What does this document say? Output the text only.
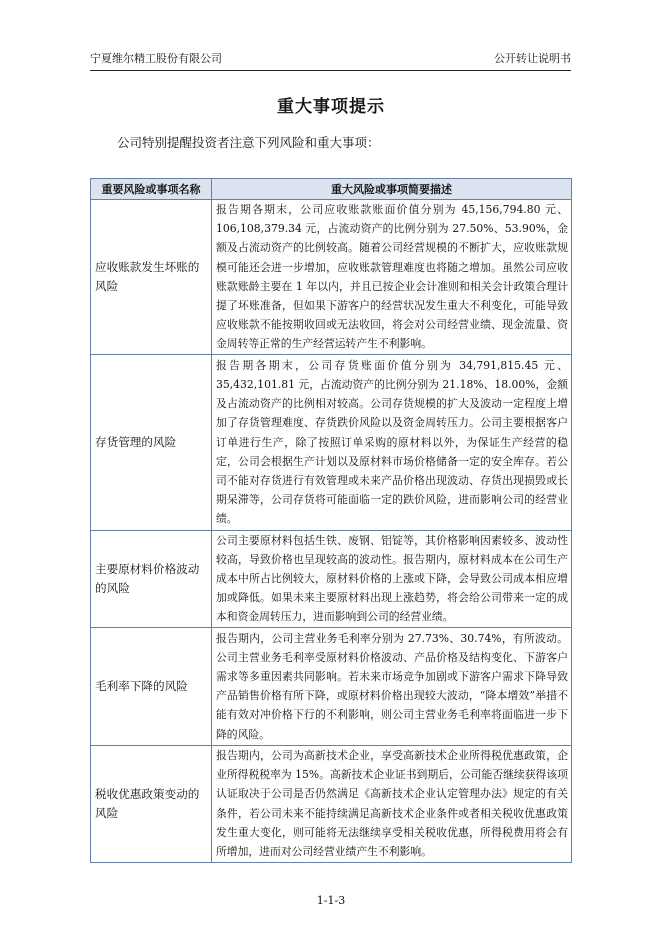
宁夏维尔精工股份有限公司	公开转让说明书
重大事项提示
公司特别提醒投资者注意下列风险和重大事项：
重要风险或事项名称	重大风险或事项简要描述
应收账款发生坏账的风险	报告期各期末，公司应收账款账面价值分别为 45,156,794.80 元、106,108,379.34 元，占流动资产的比例分别为 27.50%、53.90%，金额及占流动资产的比例较高。随着公司经营规模的不断扩大，应收账款规模可能还会进一步增加，应收账款管理难度也将随之增加。虽然公司应收账款账龄主要在 1 年以内，并且已按企业会计准则和相关会计政策合理计提了坏账准备，但如果下游客户的经营状况发生重大不利变化，可能导致应收账款不能按期收回或无法收回，将会对公司经营业绩、现金流量、资金周转等正常的生产经营运转产生不利影响。
存货管理的风险	报告期各期末，公司存货账面价值分别为 34,791,815.45 元、35,432,101.81 元，占流动资产的比例分别为 21.18%、18.00%，金额及占流动资产的比例相对较高。公司存货规模的扩大及波动一定程度上增加了存货管理难度、存货跌价风险以及资金周转压力。公司主要根据客户订单进行生产，除了按照订单采购的原材料以外，为保证生产经营的稳定，公司会根据生产计划以及原材料市场价格储备一定的安全库存。若公司不能对存货进行有效管理或未来产品价格出现波动、存货出现损毁或长期呆滞等，公司存货将可能面临一定的跌价风险，进而影响公司的经营业绩。
主要原材料价格波动的风险	公司主要原材料包括生铁、废钢、铝锭等，其价格影响因素较多、波动性较高，导致价格也呈现较高的波动性。报告期内，原材料成本在公司生产成本中所占比例较大，原材料价格的上涨或下降，会导致公司成本相应增加或降低。如果未来主要原材料出现上涨趋势，将会给公司带来一定的成本和资金周转压力，进而影响到公司的经营业绩。
毛利率下降的风险	报告期内，公司主营业务毛利率分别为 27.73%、30.74%，有所波动。公司主营业务毛利率受原材料价格波动、产品价格及结构变化、下游客户需求等多重因素共同影响。若未来市场竞争加剧或下游客户需求下降导致产品销售价格有所下降，或原材料价格出现较大波动，“降本增效”举措不能有效对冲价格下行的不利影响，则公司主营业务毛利率将面临进一步下降的风险。
税收优惠政策变动的风险	报告期内，公司为高新技术企业，享受高新技术企业所得税优惠政策，企业所得税税率为 15%。高新技术企业证书到期后，公司能否继续获得该项认证取决于公司是否仍然满足《高新技术企业认定管理办法》规定的有关条件，若公司未来不能持续满足高新技术企业条件或者相关税收优惠政策发生重大变化，则可能将无法继续享受相关税收优惠，所得税费用将会有所增加，进而对公司经营业绩产生不利影响。
1-1-3
